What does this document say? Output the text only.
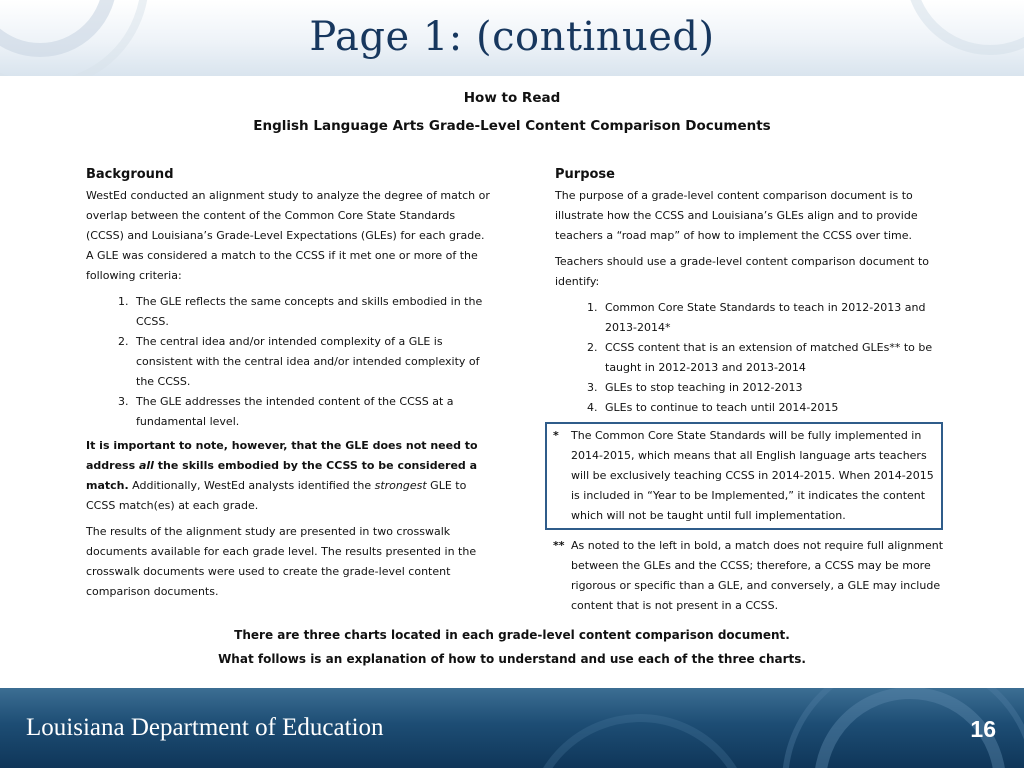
Page 1: (continued)
How to Read
English Language Arts Grade-Level Content Comparison Documents
Background

WestEd conducted an alignment study to analyze the degree of match or overlap between the content of the Common Core State Standards (CCSS) and Louisiana’s Grade-Level Expectations (GLEs) for each grade. A GLE was considered a match to the CCSS if it met one or more of the following criteria:

1. The GLE reflects the same concepts and skills embodied in the CCSS.
2. The central idea and/or intended complexity of a GLE is consistent with the central idea and/or intended complexity of the CCSS.
3. The GLE addresses the intended content of the CCSS at a fundamental level.

It is important to note, however, that the GLE does not need to address all the skills embodied by the CCSS to be considered a match. Additionally, WestEd analysts identified the strongest GLE to CCSS match(es) at each grade.

The results of the alignment study are presented in two crosswalk documents available for each grade level. The results presented in the crosswalk documents were used to create the grade-level content comparison documents.

Purpose

The purpose of a grade-level content comparison document is to illustrate how the CCSS and Louisiana’s GLEs align and to provide teachers a “road map” of how to implement the CCSS over time.

Teachers should use a grade-level content comparison document to identify:

1. Common Core State Standards to teach in 2012-2013 and 2013-2014*
2. CCSS content that is an extension of matched GLEs** to be taught in 2012-2013 and 2013-2014
3. GLEs to stop teaching in 2012-2013
4. GLEs to continue to teach until 2014-2015
*	The Common Core State Standards will be fully implemented in 2014-2015, which means that all English language arts teachers will be exclusively teaching CCSS in 2014-2015. When 2014-2015 is included in “Year to be Implemented,” it indicates the content which will not be taught until full implementation.
** As noted to the left in bold, a match does not require full alignment between the GLEs and the CCSS; therefore, a CCSS may be more rigorous or specific than a GLE, and conversely, a GLE may include content that is not present in a CCSS.
There are three charts located in each grade-level content comparison document.
What follows is an explanation of how to understand and use each of the three charts.
Louisiana Department of Education	16
